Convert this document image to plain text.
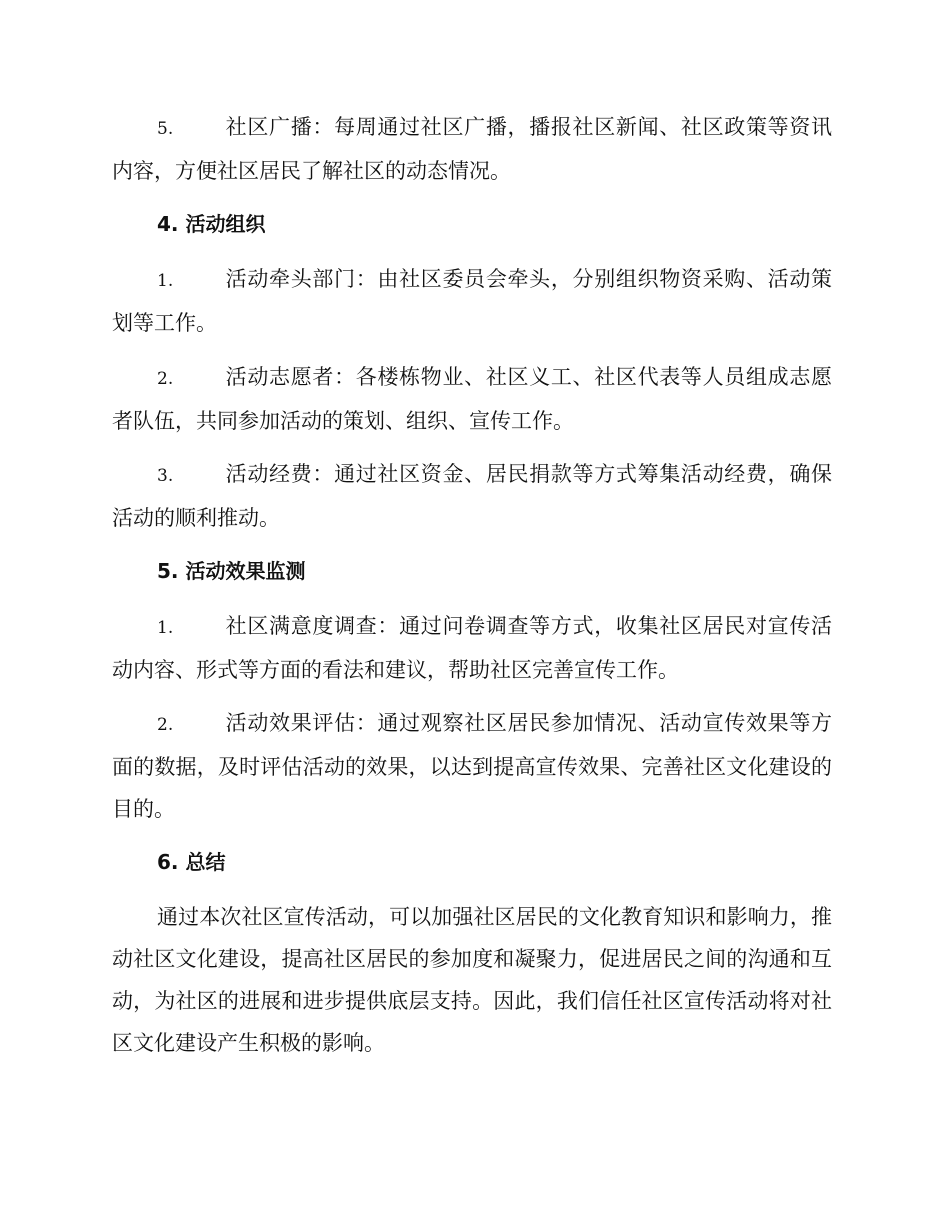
5. 社区广播：每周通过社区广播，播报社区新闻、社区政策等资讯内容，方便社区居民了解社区的动态情况。
4. 活动组织
1. 活动牵头部门：由社区委员会牵头，分别组织物资采购、活动策划等工作。
2. 活动志愿者：各楼栋物业、社区义工、社区代表等人员组成志愿者队伍，共同参加活动的策划、组织、宣传工作。
3. 活动经费：通过社区资金、居民捐款等方式筹集活动经费，确保活动的顺利推动。
5. 活动效果监测
1. 社区满意度调查：通过问卷调查等方式，收集社区居民对宣传活动内容、形式等方面的看法和建议，帮助社区完善宣传工作。
2. 活动效果评估：通过观察社区居民参加情况、活动宣传效果等方面的数据，及时评估活动的效果，以达到提高宣传效果、完善社区文化建设的目的。
6. 总结
通过本次社区宣传活动，可以加强社区居民的文化教育知识和影响力，推动社区文化建设，提高社区居民的参加度和凝聚力，促进居民之间的沟通和互动，为社区的进展和进步提供底层支持。因此，我们信任社区宣传活动将对社区文化建设产生积极的影响。
